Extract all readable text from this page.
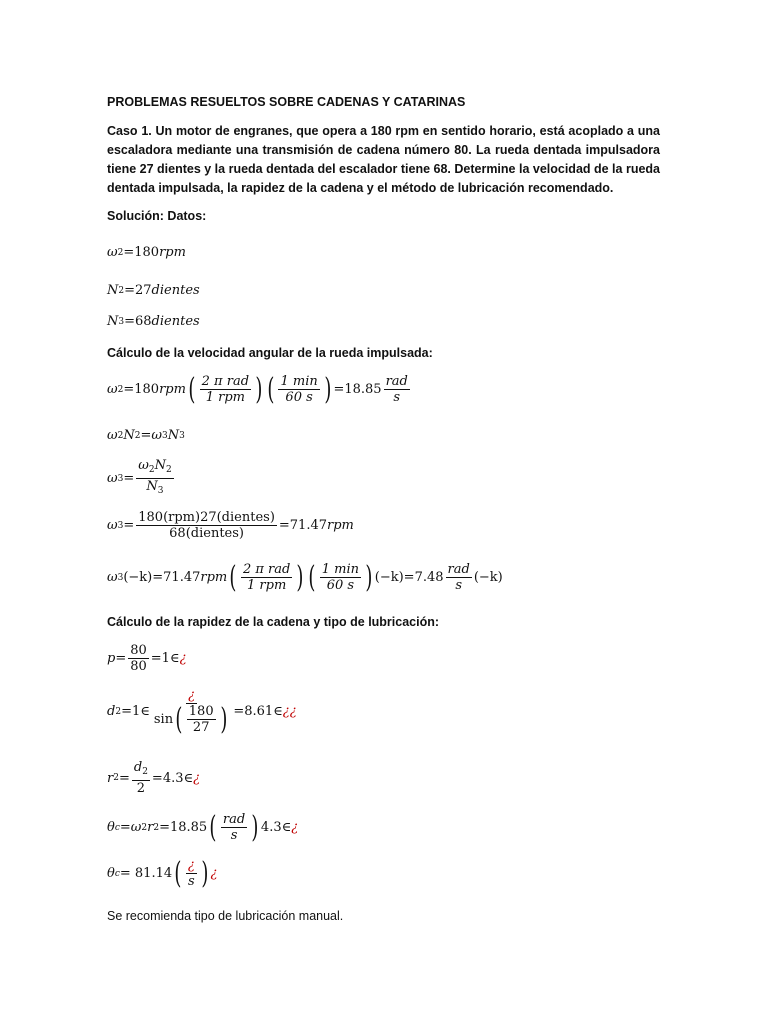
PROBLEMAS RESUELTOS SOBRE CADENAS Y CATARINAS
Caso 1. Un motor de engranes, que opera a 180 rpm en sentido horario, está acoplado a una escaladora mediante una transmisión de cadena número 80. La rueda dentada impulsadora tiene 27 dientes y la rueda dentada del escalador tiene 68. Determine la velocidad de la rueda dentada impulsada, la rapidez de la cadena y el método de lubricación recomendado.
Solución: Datos:
ω 2 =180 rpm
N 2 =27 dientes
N 3 =68 dientes
Cálculo de la velocidad angular de la rueda impulsada:
ω 2 =180 rpm
( $\frac{\text{2 π rad}}{\text{1 rpm}}$
)
( $\frac{1 \min}{60 s}$
) $=18.85 \frac{\text{rad}}{s}$
ω 2 N 2 = ω 3 N 3
ω $3 = \frac{\omega_2N_2}{N_3}$
ω $3 = \frac{\text{180(rpm)27(dientes)}}{\text{68(dientes)}} =71.47$ rpm
ω 3 (−k)=71.47 rpm
( $\frac{\text{2 π rad}}{\text{1 rpm}}$
)
( $\frac{1 \min}{60 s}$
) $(-k)=7.48 \frac{\text{rad}}{s} (-k)$
Cálculo de la rapidez de la cadena y tipo de lubricación:
$p= \frac{80}{80}$ =1∈ ¿
d 2 =1∈ ¿
sin
( $\frac{180}{27}$
) =8.61∈ ¿¿
r $2 = \frac{d_2}{2}$ =4.3∈ ¿
θ c = ω 2 r 2 =18.85
( $\frac{\text{rad}}{s}$
) 4.3∈ ¿
θ c = 81.14
( $\frac{¿}{s}$
) ¿
Se recomienda tipo de lubricación manual.
